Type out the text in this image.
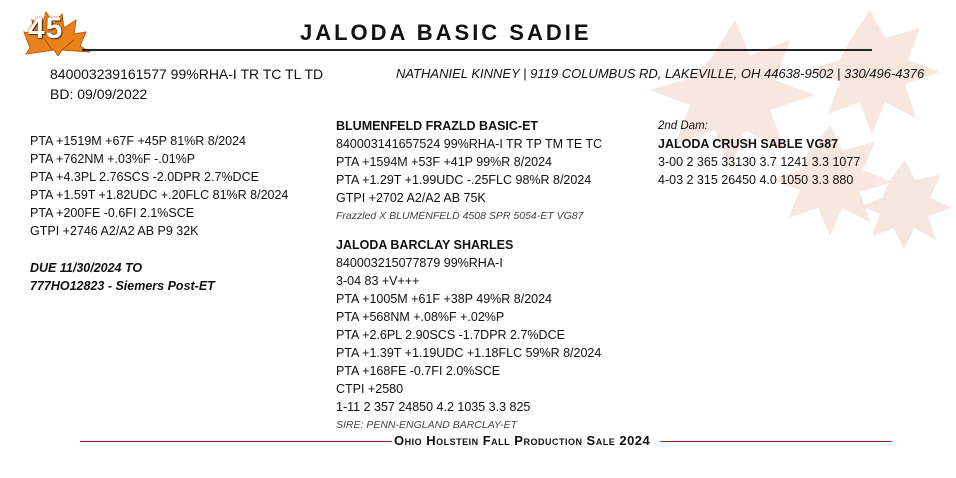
45	JALODA BASIC SADIE
840003239161577 99%RHA-I TR TC TL TD
BD: 09/09/2022
NATHANIEL KINNEY | 9119 COLUMBUS RD, LAKEVILLE, OH 44638-9502 | 330/496-4376
PTA +1519M +67F +45P 81%R 8/2024
PTA +762NM +.03%F -.01%P
PTA +4.3PL 2.76SCS -2.0DPR 2.7%DCE
PTA +1.59T +1.82UDC +.20FLC 81%R 8/2024
PTA +200FE -0.6FI 2.1%SCE
GTPI +2746 A2/A2 AB P9 32K
DUE 11/30/2024 TO
777HO12823 - Siemers Post-ET
BLUMENFELD FRAZLD BASIC-ET
840003141657524 99%RHA-I TR TP TM TE TC
PTA +1594M +53F +41P 99%R 8/2024
PTA +1.29T +1.99UDC -.25FLC 98%R 8/2024
GTPI +2702 A2/A2 AB 75K
Frazzled X BLUMENFELD 4508 SPR 5054-ET VG87
JALODA BARCLAY SHARLES
840003215077879 99%RHA-I
3-04 83 +V+++
PTA +1005M +61F +38P 49%R 8/2024
PTA +568NM +.08%F +.02%P
PTA +2.6PL 2.90SCS -1.7DPR 2.7%DCE
PTA +1.39T +1.19UDC +1.18FLC 59%R 8/2024
PTA +168FE -0.7FI 2.0%SCE
CTPI +2580
1-11 2 357 24850 4.2 1035 3.3 825
SIRE: PENN-ENGLAND BARCLAY-ET
2nd Dam:
JALODA CRUSH SABLE VG87
3-00 2 365 33130 3.7 1241 3.3 1077
4-03 2 315 26450 4.0 1050 3.3 880
Ohio Holstein Fall Production Sale 2024
